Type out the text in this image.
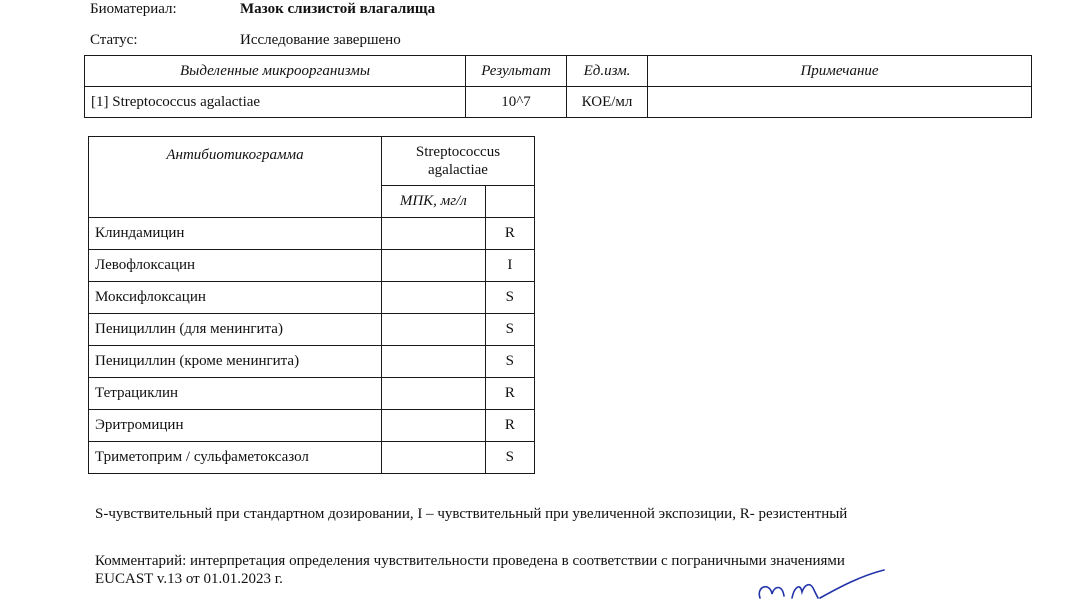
Биоматериал:	Мазок слизистой влагалища
Статус:	Исследование завершено
Выделенные микроорганизмы	Результат	Ед.изм.	Примечание
[1] Streptococcus agalactiae	10^7	КОЕ/мл	
Антибиотикограмма	Streptococcus agalactiae	
	МПК, мг/л	
Клиндамицин		R
Левофлоксацин		I
Моксифлоксацин		S
Пенициллин (для менингита)		S
Пенициллин (кроме менингита)		S
Тетрациклин		R
Эритромицин		R
Триметоприм / сульфаметоксазол		S
S-чувствительный при стандартном дозировании, I – чувствительный при увеличенной экспозиции, R- резистентный
Комментарий: интерпретация определения чувствительности проведена в соответствии с пограничными значениями
EUCAST v.13 от 01.01.2023 г.
